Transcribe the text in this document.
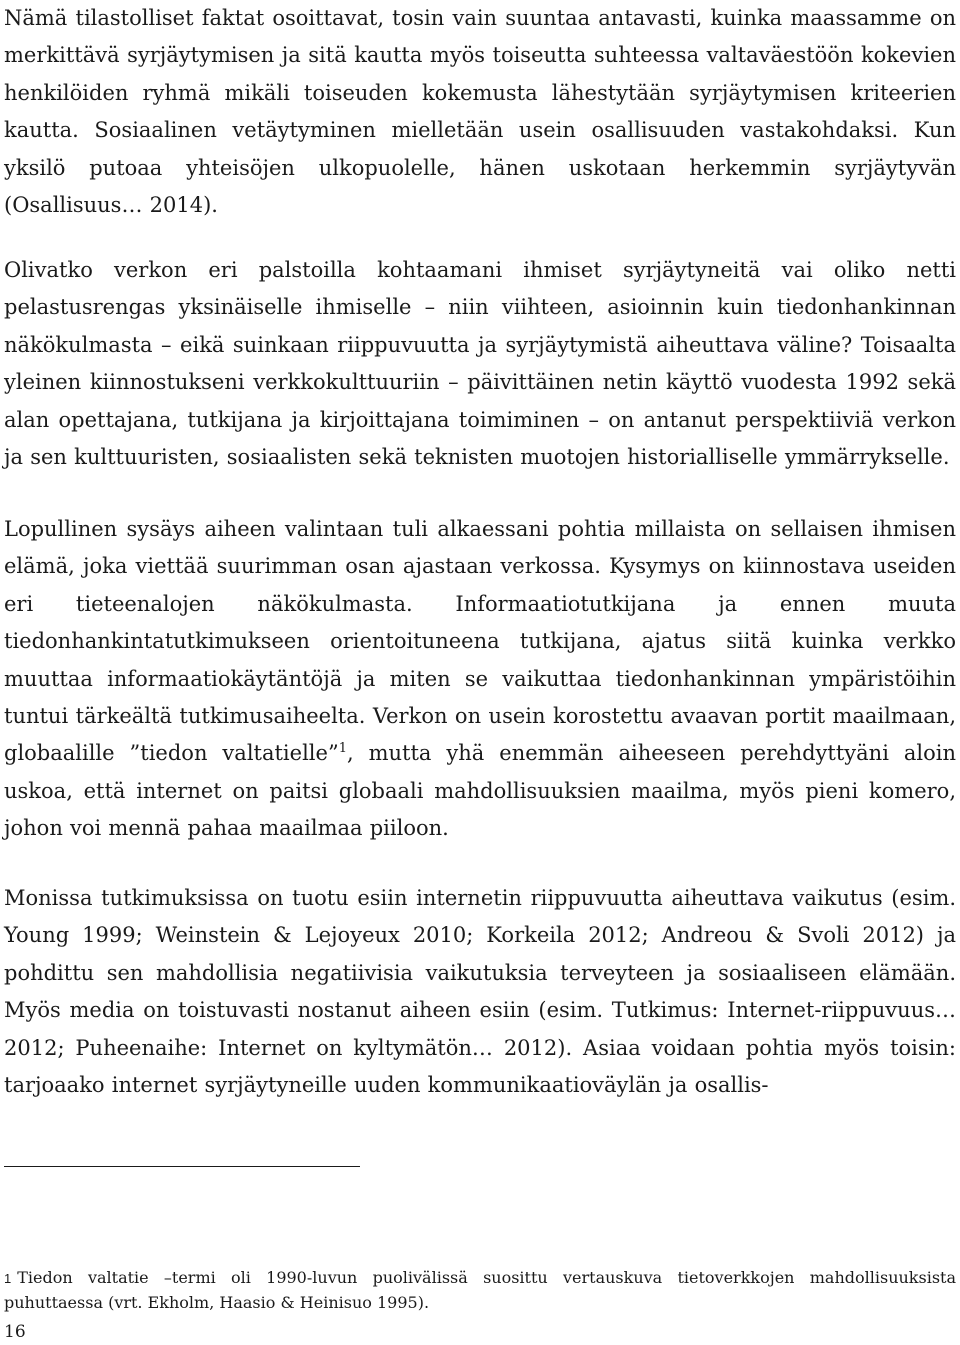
Nämä tilastolliset faktat osoittavat, tosin vain suuntaa antavasti, kuinka maassamme on merkittävä syrjäytymisen ja sitä kautta myös toiseutta suhteessa valtaväestöön kokevien henkilöiden ryhmä mikäli toiseuden kokemusta lähestytään syrjäytymisen kriteerien kautta. Sosiaalinen vetäytyminen mielletään usein osallisuuden vastakohdaksi. Kun yksilö putoaa yhteisöjen ulkopuolelle, hänen uskotaan herkemmin syrjäytyvän (Osallisuus… 2014).

Olivatko verkon eri palstoilla kohtaamani ihmiset syrjäytyneitä vai oliko netti pelastusrengas yksinäiselle ihmiselle – niin viihteen, asioinnin kuin tiedonhankinnan näkökulmasta – eikä suinkaan riippuvuutta ja syrjäytymistä aiheuttava väline? Toisaalta yleinen kiinnostukseni verkkokulttuuriin – päivittäinen netin käyttö vuodesta 1992 sekä alan opettajana, tutkijana ja kirjoittajana toimiminen – on antanut perspektiiviä verkon ja sen kulttuuristen, sosiaalisten sekä teknisten muotojen historialliselle ymmärrykselle.

Lopullinen sysäys aiheen valintaan tuli alkaessani pohtia millaista on sellaisen ihmisen elämä, joka viettää suurimman osan ajastaan verkossa. Kysymys on kiinnostava useiden eri tieteenalojen näkökulmasta. Informaatiotutkijana ja ennen muuta tiedonhankintatutkimukseen orientoituneena tutkijana, ajatus siitä kuinka verkko muuttaa informaatiokäytäntöjä ja miten se vaikuttaa tiedonhankinnan ympäristöihin tuntui tärkeältä tutkimusaiheelta. Verkon on usein korostettu avaavan portit maailmaan, globaalille ”tiedon valtatielle”$^1$, mutta yhä enemmän aiheeseen perehdyttyäni aloin uskoa, että internet on paitsi globaali mahdollisuuksien maailma, myös pieni komero, johon voi mennä pahaa maailmaa piiloon.

Monissa tutkimuksissa on tuotu esiin internetin riippuvuutta aiheuttava vaikutus (esim. Young 1999; Weinstein & Lejoyeux 2010; Korkeila 2012; Andreou & Svoli 2012) ja pohdittu sen mahdollisia negatiivisia vaikutuksia terveyteen ja sosiaaliseen elämään. Myös media on toistuvasti nostanut aiheen esiin (esim. Tutkimus: Internet-riippuvuus… 2012; Puheenaihe: Internet on kyltymätön… 2012). Asiaa voidaan pohtia myös toisin: tarjoaako internet syrjäytyneille uuden kommunikaatioväylän ja osallis-

1 Tiedon valtatie –termi oli 1990-luvun puolivälissä suosittu vertauskuva tietoverkkojen mahdollisuuksista puhuttaessa (vrt. Ekholm, Haasio & Heinisuo 1995).

16
